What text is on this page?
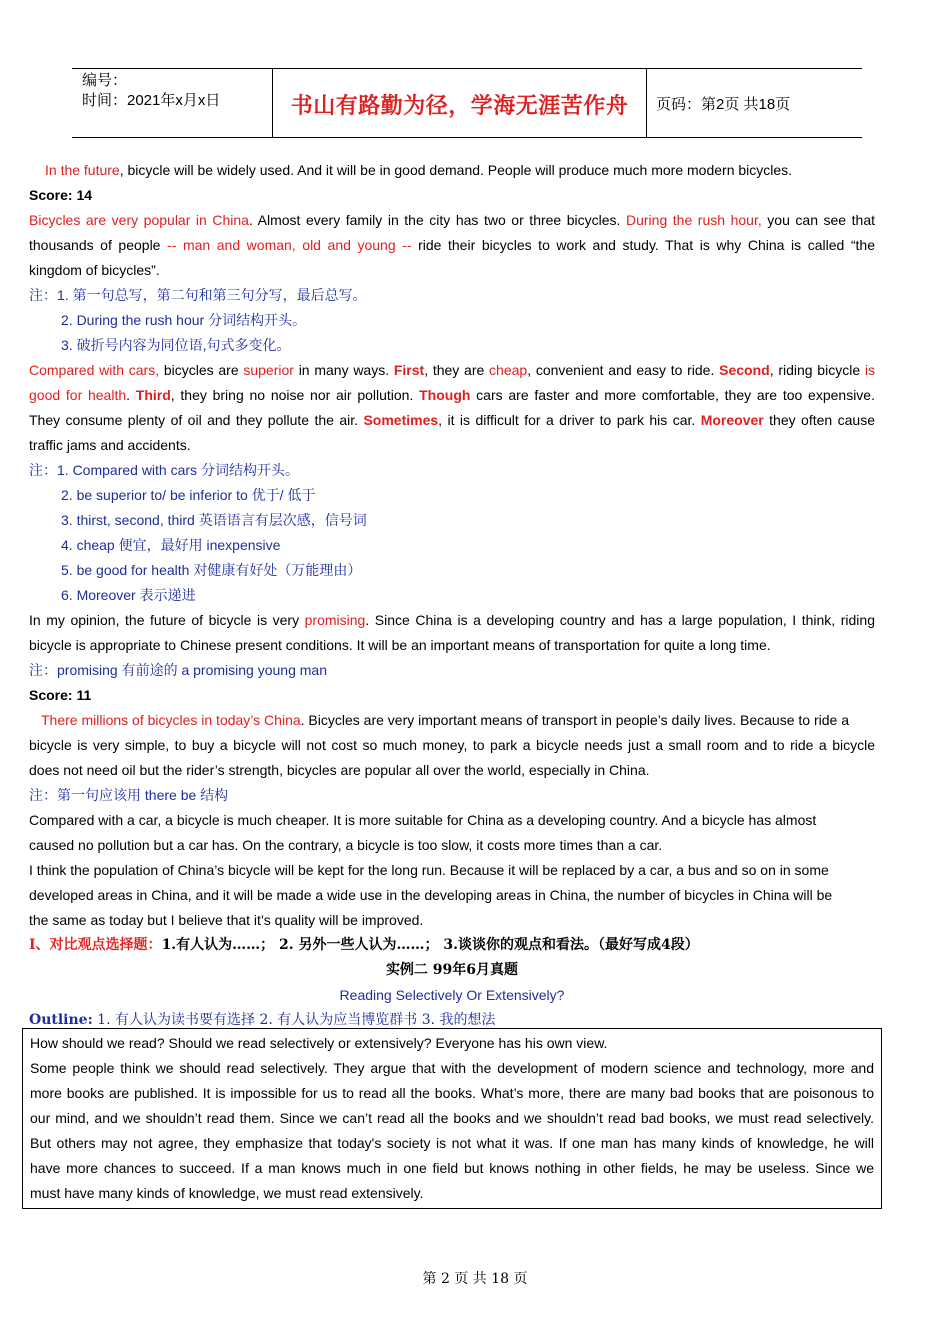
编号：
时间：2021年x月x日	书山有路勤为径，学海无涯苦作舟	页码：第2页 共18页
In the future, bicycle will be widely used. And it will be in good demand. People will produce much more modern bicycles.
Score: 14
Bicycles are very popular in China. Almost every family in the city has two or three bicycles. During the rush hour, you can see that
thousands of people -- man and woman, old and young -- ride their bicycles to work and study. That is why China is called “the
kingdom of bicycles”.
注：1. 第一句总写，第二句和第三句分写，最后总写。
2. During the rush hour 分词结构开头。
3. 破折号内容为同位语,句式多变化。
Compared with cars, bicycles are superior in many ways. First, they are cheap, convenient and easy to ride. Second, riding bicycle is
good for health. Third, they bring no noise nor air pollution. Though cars are faster and more comfortable, they are too expensive.
They consume plenty of oil and they pollute the air. Sometimes, it is difficult for a driver to park his car. Moreover they often cause
traffic jams and accidents.
注：1. Compared with cars 分词结构开头。
2. be superior to/ be inferior to 优于/ 低于
3. thirst, second, third 英语语言有层次感，信号词
4. cheap 便宜，最好用 inexpensive
5. be good for health 对健康有好处（万能理由）
6. Moreover 表示递进
In my opinion, the future of bicycle is very promising. Since China is a developing country and has a large population, I think, riding
bicycle is appropriate to Chinese present conditions. It will be an important means of transportation for quite a long time.
注：promising 有前途的 a promising young man
Score: 11
There millions of bicycles in today’s China. Bicycles are very important means of transport in people’s daily lives. Because to ride a
bicycle is very simple, to buy a bicycle will not cost so much money, to park a bicycle needs just a small room and to ride a bicycle
does not need oil but the rider’s strength, bicycles are popular all over the world, especially in China.
注：第一句应该用 there be 结构
Compared with a car, a bicycle is much cheaper. It is more suitable for China as a developing country. And a bicycle has almost
caused no pollution but a car has. On the contrary, a bicycle is too slow, it costs more times than a car.
I think the population of China’s bicycle will be kept for the long run. Because it will be replaced by a car, a bus and so on in some
developed areas in China, and it will be made a wide use in the developing areas in China, the number of bicycles in China will be
the same as today but I believe that it’s quality will be improved.
I、对比观点选择题：1.有人认为……； 2. 另外一些人认为……； 3.谈谈你的观点和看法。（最好写成4段）
实例二 99年6月真题
Reading Selectively Or Extensively?
Outline: 1. 有人认为读书要有选择 2. 有人认为应当博览群书 3. 我的想法
How should we read? Should we read selectively or extensively? Everyone has his own view.
Some people think we should read selectively. They argue that with the development of modern science and technology, more and
more books are published. It is impossible for us to read all the books. What’s more, there are many bad books that are poisonous to
our mind, and we shouldn’t read them. Since we can’t read all the books and we shouldn’t read bad books, we must read selectively.
But others may not agree, they emphasize that today's society is not what it was. If one man has many kinds of knowledge, he will
have more chances to succeed. If a man knows much in one field but knows nothing in other fields, he may be useless. Since we
must have many kinds of knowledge, we must read extensively.
第 2 页 共 18 页
